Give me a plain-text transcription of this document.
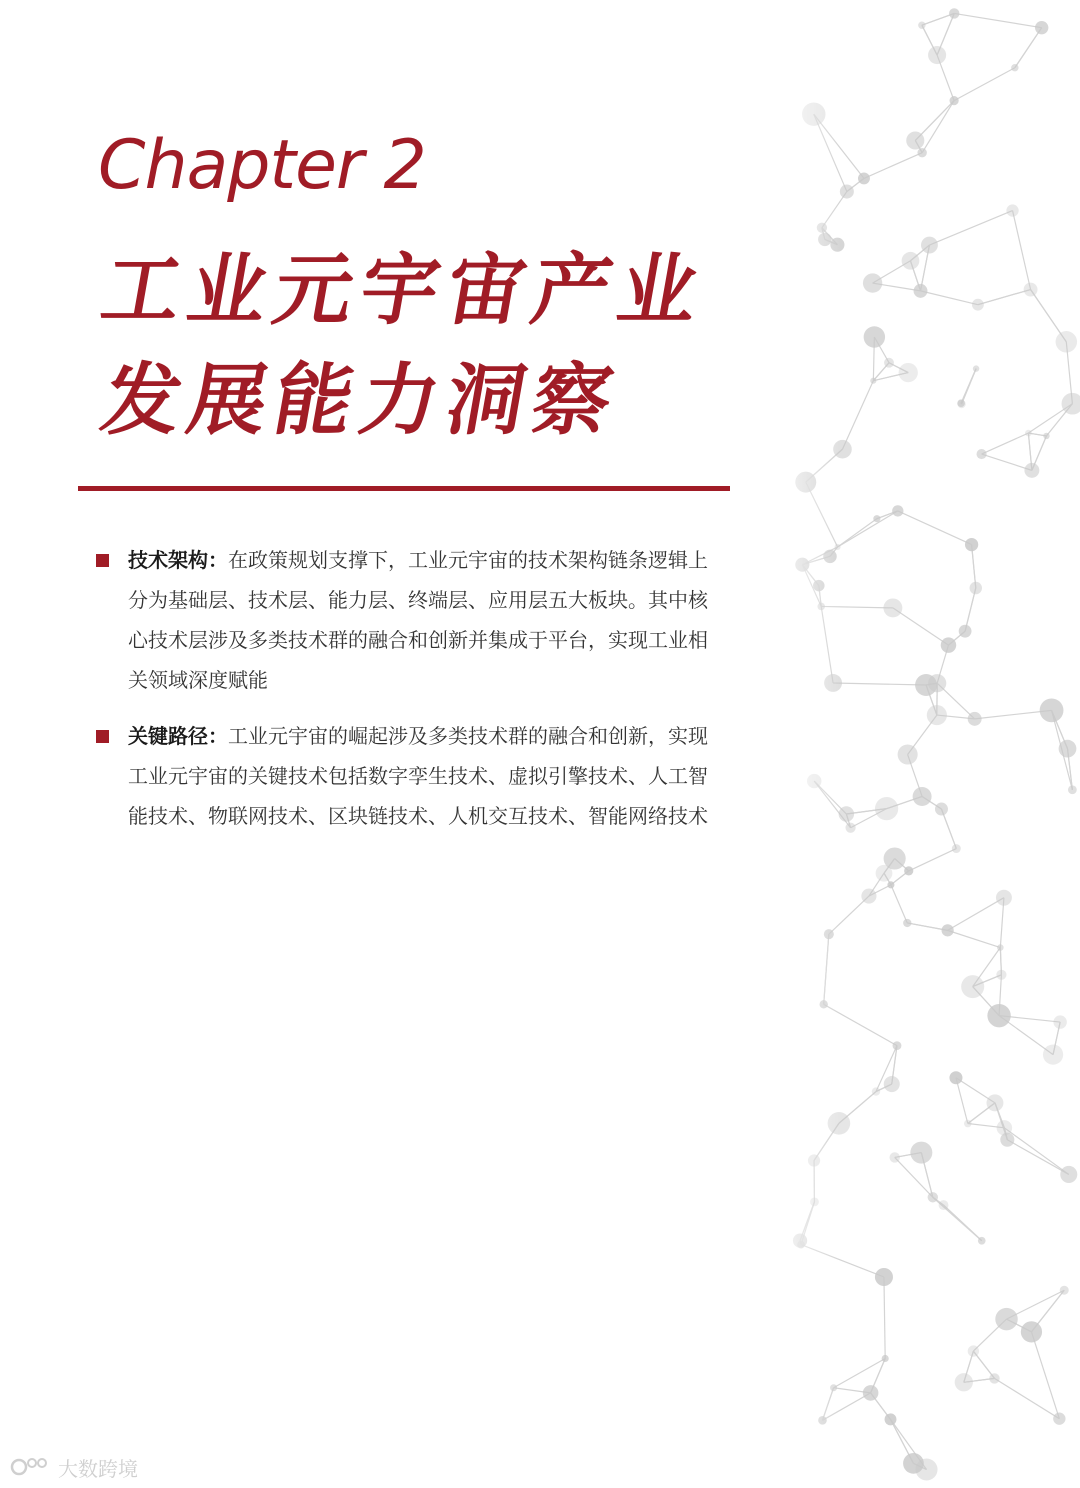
Chapter 2
工业元宇宙产业
发展能力洞察
技术架构：在政策规划支撑下，工业元宇宙的技术架构链条逻辑上分为基础层、技术层、能力层、终端层、应用层五大板块。其中核心技术层涉及多类技术群的融合和创新并集成于平台，实现工业相关领域深度赋能
关键路径：工业元宇宙的崛起涉及多类技术群的融合和创新，实现工业元宇宙的关键技术包括数字孪生技术、虚拟引擎技术、人工智能技术、物联网技术、区块链技术、人机交互技术、智能网络技术
大数跨境
